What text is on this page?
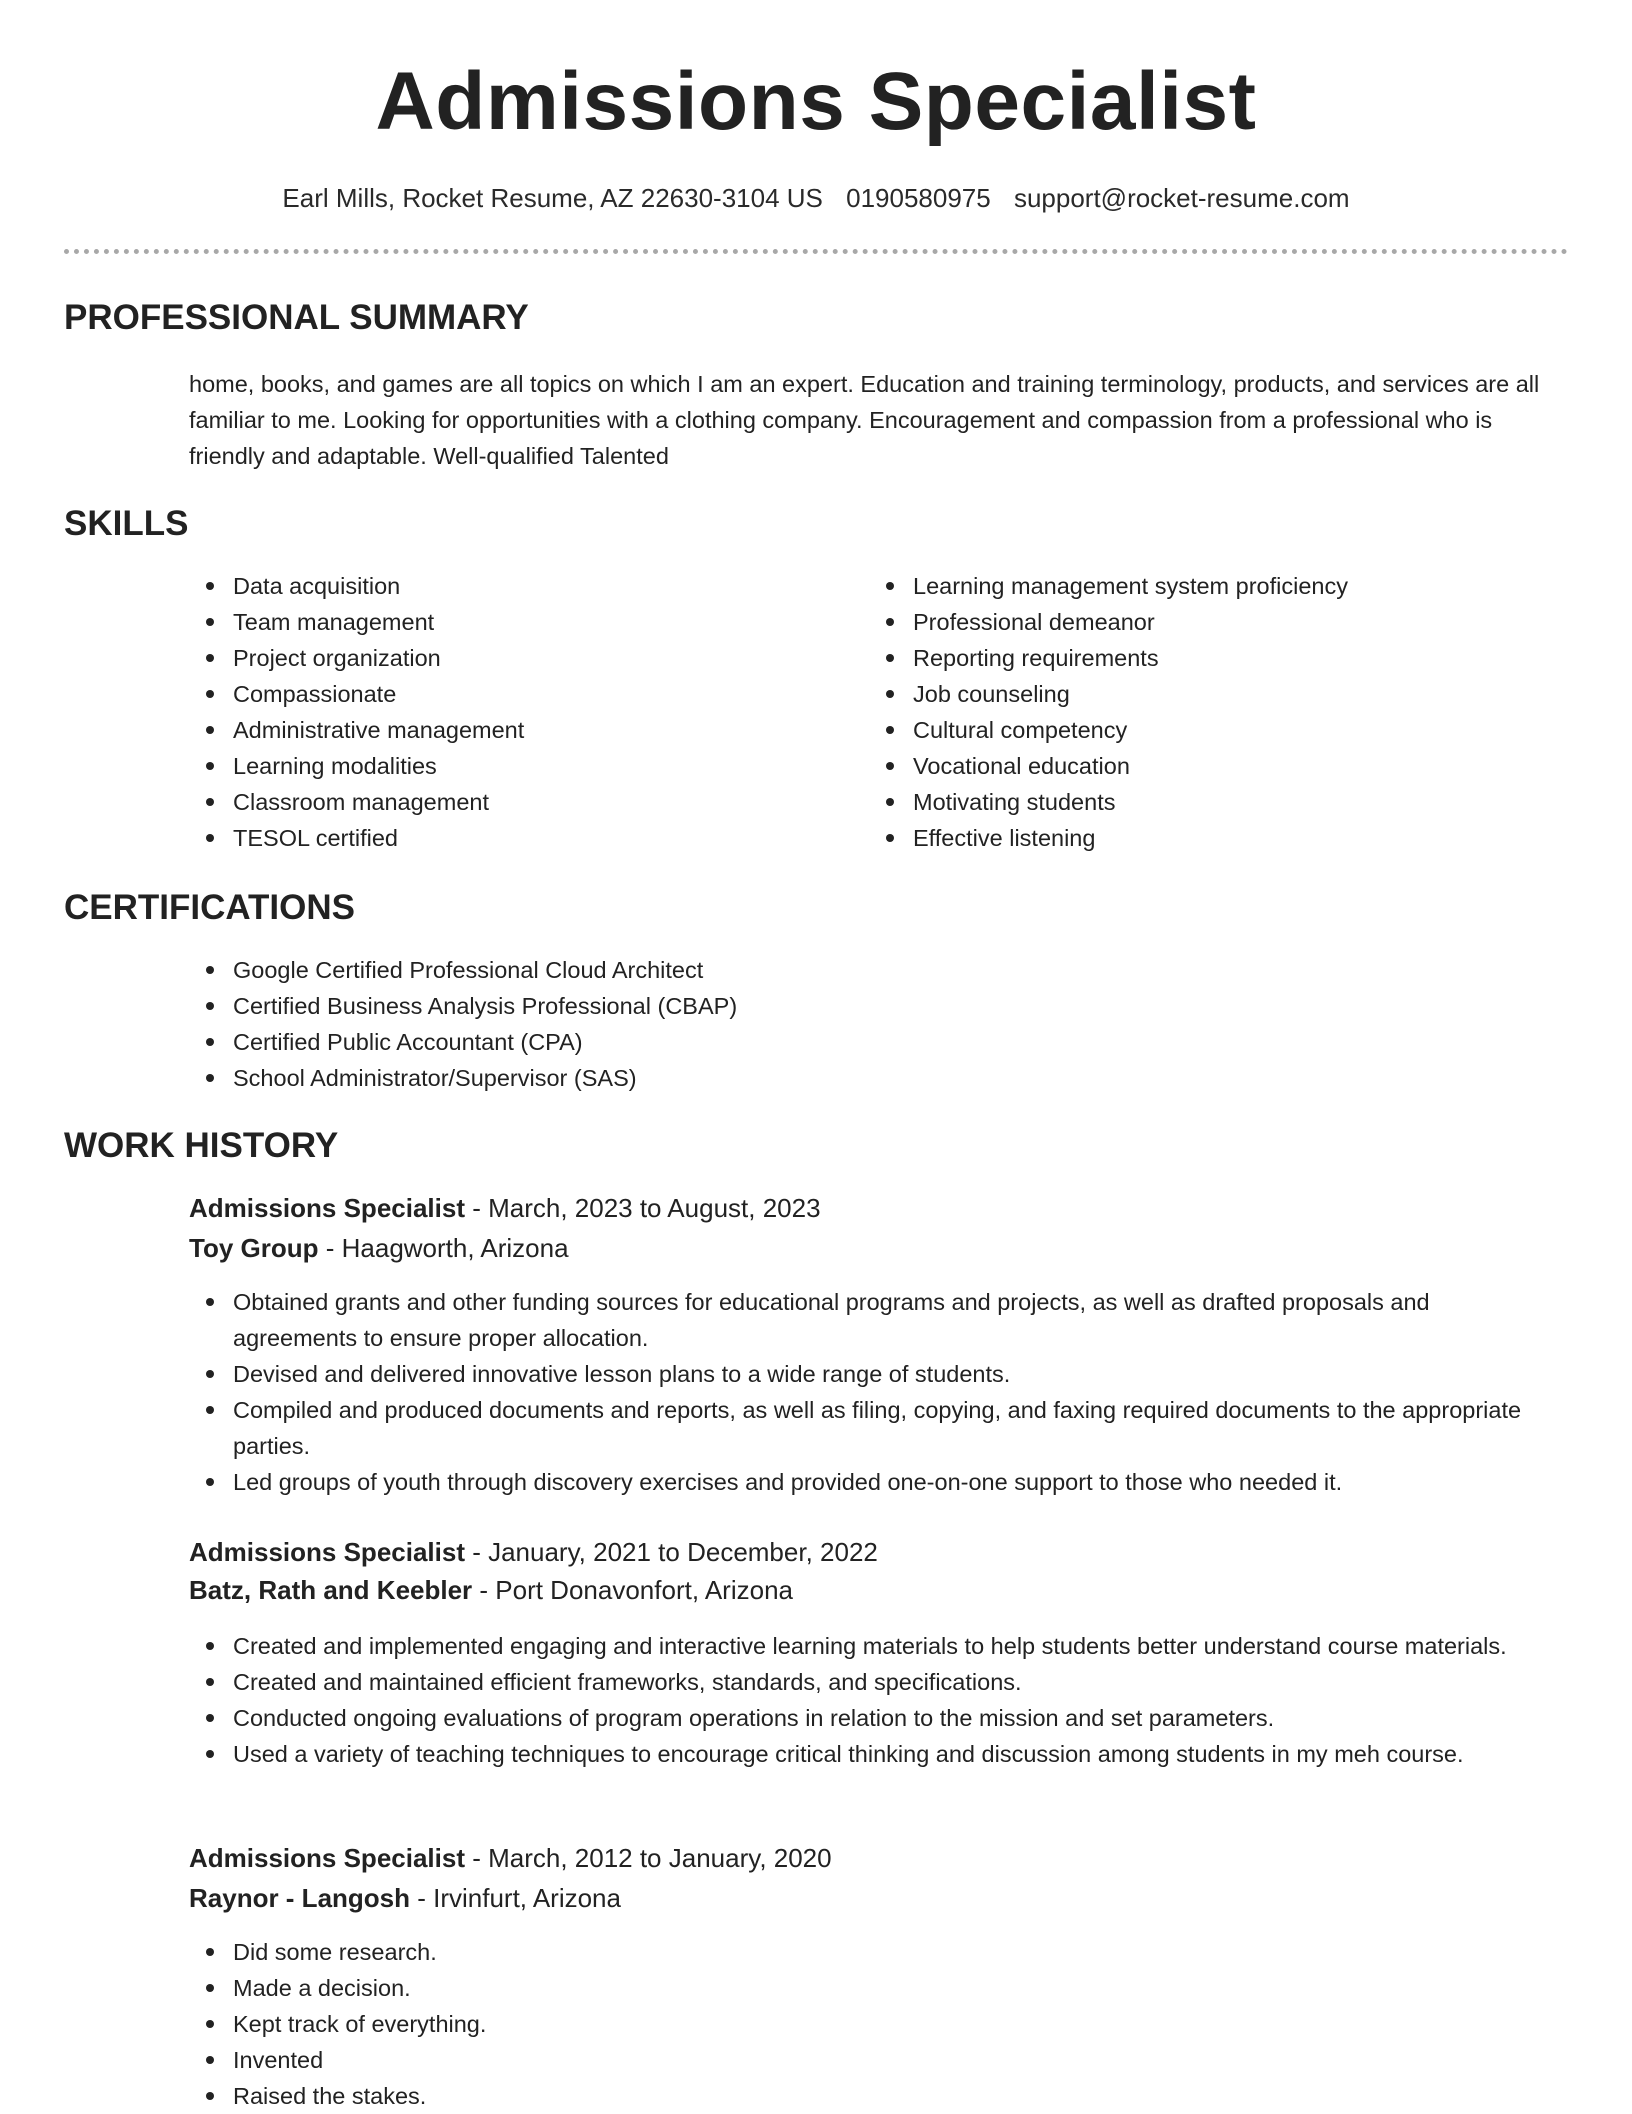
Admissions Specialist
Earl Mills, Rocket Resume, AZ 22630-3104 US 0190580975 support@rocket-resume.com
PROFESSIONAL SUMMARY

home, books, and games are all topics on which I am an expert. Education and training terminology, products, and services are all familiar to me. Looking for opportunities with a clothing company. Encouragement and compassion from a professional who is friendly and adaptable. Well-qualified Talented

SKILLS
Data acquisition
Team management
Project organization
Compassionate
Administrative management
Learning modalities
Classroom management
TESOL certified
Learning management system proficiency
Professional demeanor
Reporting requirements
Job counseling
Cultural competency
Vocational education
Motivating students
Effective listening
CERTIFICATIONS
Google Certified Professional Cloud Architect
Certified Business Analysis Professional (CBAP)
Certified Public Accountant (CPA)
School Administrator/Supervisor (SAS)
WORK HISTORY
Admissions Specialist - March, 2023 to August, 2023
Toy Group - Haagworth, Arizona
Obtained grants and other funding sources for educational programs and projects, as well as drafted proposals and agreements to ensure proper allocation.
Devised and delivered innovative lesson plans to a wide range of students.
Compiled and produced documents and reports, as well as filing, copying, and faxing required documents to the appropriate parties.
Led groups of youth through discovery exercises and provided one-on-one support to those who needed it.
Admissions Specialist - January, 2021 to December, 2022
Batz, Rath and Keebler - Port Donavonfort, Arizona
Created and implemented engaging and interactive learning materials to help students better understand course materials.
Created and maintained efficient frameworks, standards, and specifications.
Conducted ongoing evaluations of program operations in relation to the mission and set parameters.
Used a variety of teaching techniques to encourage critical thinking and discussion among students in my meh course.
Admissions Specialist - March, 2012 to January, 2020
Raynor - Langosh - Irvinfurt, Arizona
Did some research.
Made a decision.
Kept track of everything.
Invented
Raised the stakes.
